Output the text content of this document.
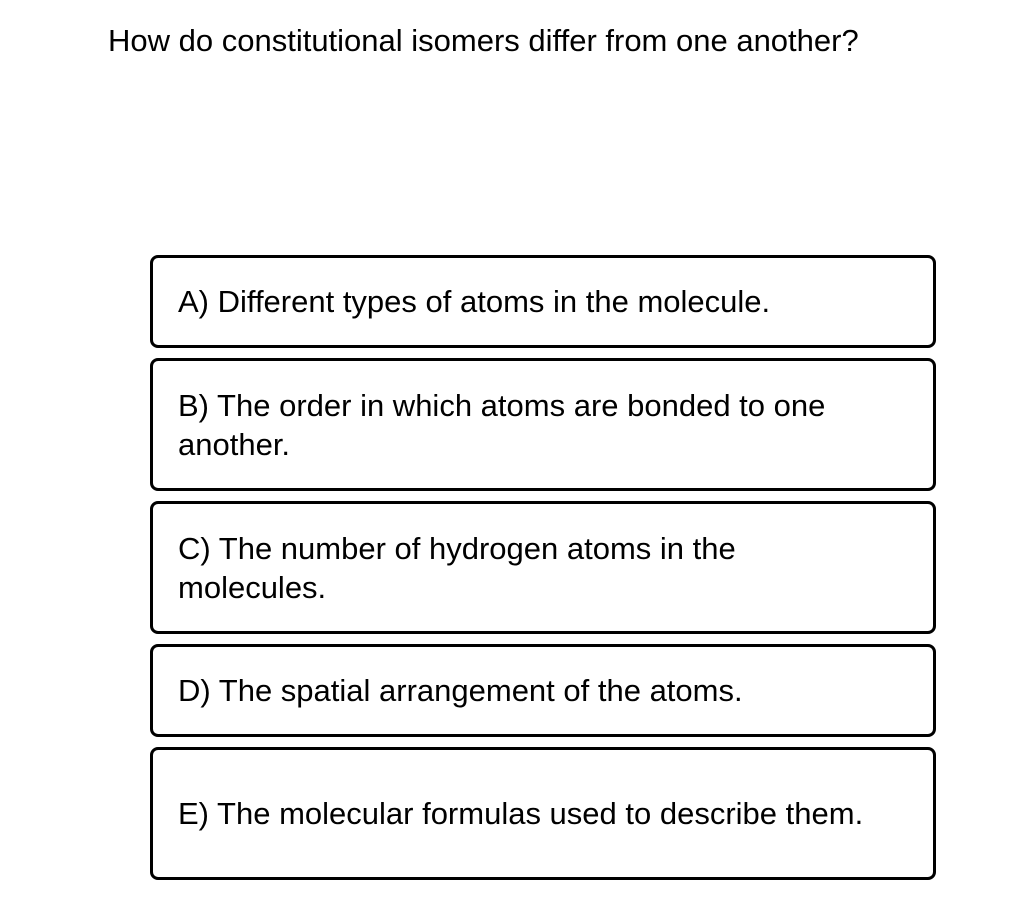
How do constitutional isomers differ from one another?
A) Different types of atoms in the molecule.
B) The order in which atoms are bonded to one another.
C) The number of hydrogen atoms in the molecules.
D) The spatial arrangement of the atoms.
E) The molecular formulas used to describe them.
